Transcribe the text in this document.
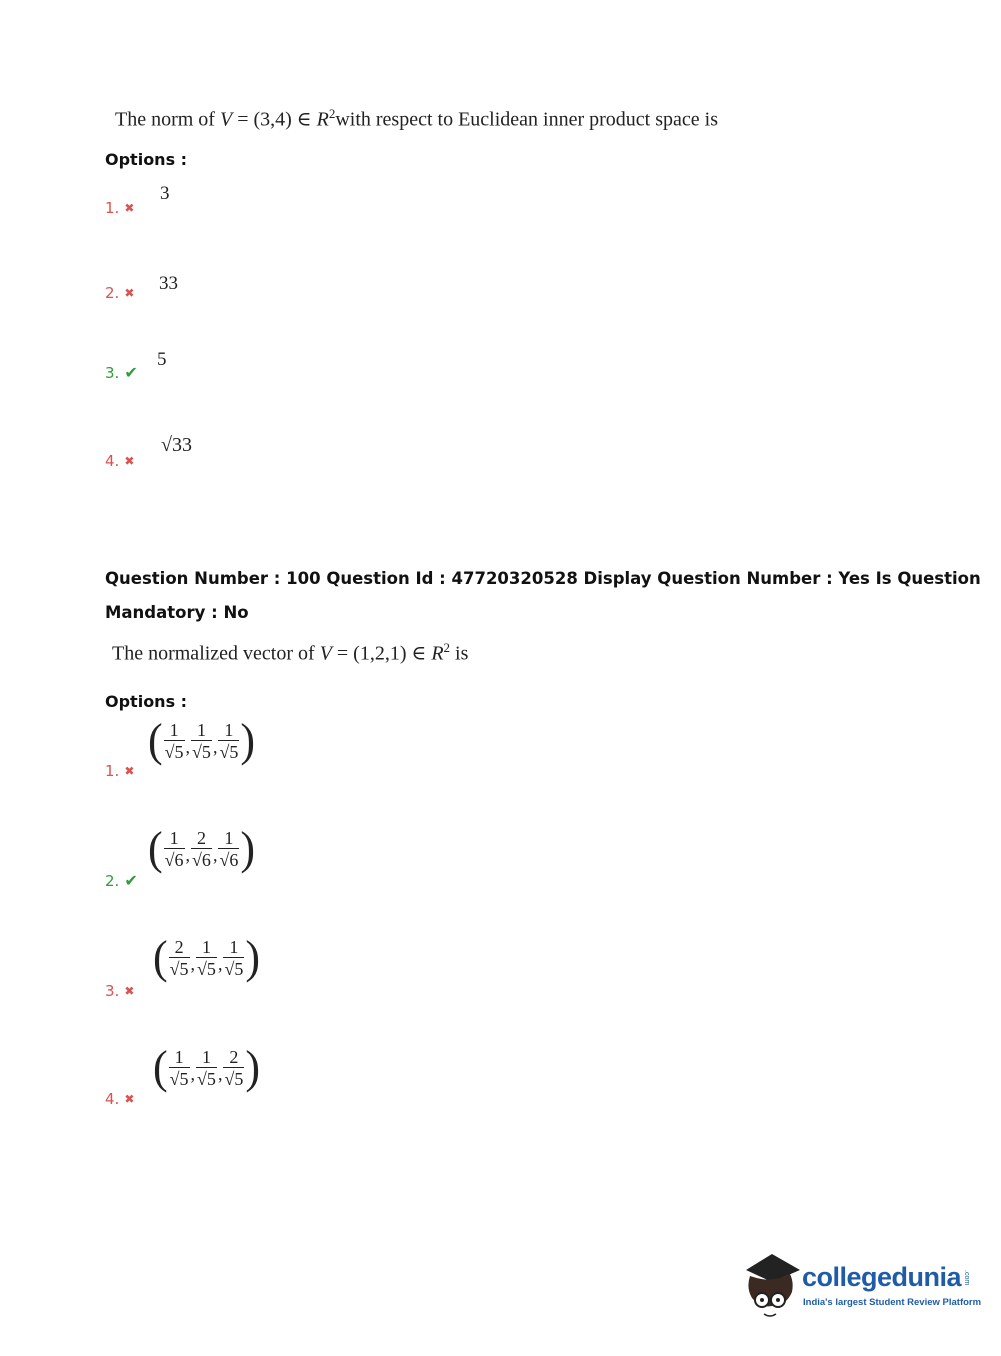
The norm of V = (3,4) ∈ $R^2with$ respect to Euclidean inner product space is
Options :
1. ✖
3
2. ✖ 33
3. ✔
5
4. ✖
√33
Question Number : 100 Question Id : 47720320528 Display Question Number : Yes Is Question
Mandatory : No
The normalized vector of V = (1,2,1) ∈ $R^2$ is
Options :
1. ✖
( $\frac{1}{√5}$ , $\frac{1}{√5}$ , $\frac{1}{√5}$ )
2. ✔
( $\frac{1}{√6}$ , $\frac{2}{√6}$ , $\frac{1}{√6}$ )
3. ✖
( $\frac{2}{√5}$ , $\frac{1}{√5}$ , $\frac{1}{√5}$ )
4. ✖
( $\frac{1}{√5}$ , $\frac{1}{√5}$ , $\frac{2}{√5}$ )
collegedunia .com
India's largest Student Review Platform
